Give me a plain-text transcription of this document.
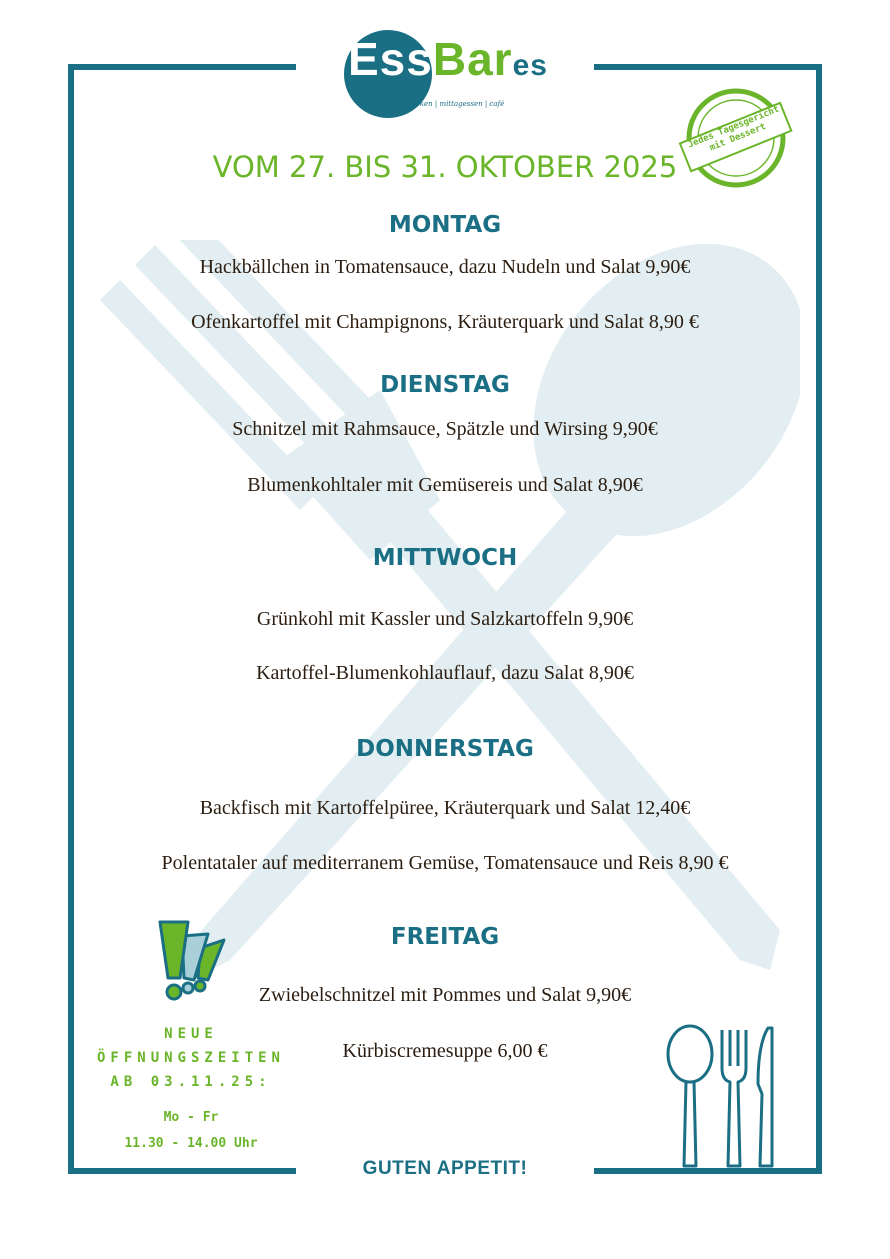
EssBares
frühstücken | mittagessen | café
Jedes Tagesgericht mit Dessert
VOM 27. BIS 31. OKTOBER 2025
MONTAG
Hackbällchen in Tomatensauce, dazu Nudeln und Salat 9,90€
Ofenkartoffel mit Champignons, Kräuterquark und Salat 8,90 €
DIENSTAG
Schnitzel mit Rahmsauce, Spätzle und Wirsing 9,90€
Blumenkohltaler mit Gemüsereis und Salat 8,90€
MITTWOCH
Grünkohl mit Kassler und Salzkartoffeln 9,90€
Kartoffel-Blumenkohlauflauf, dazu Salat 8,90€
DONNERSTAG
Backfisch mit Kartoffelpüree, Kräuterquark und Salat 12,40€
Polentataler auf mediterranem Gemüse, Tomatensauce und Reis 8,90 €
FREITAG
Zwiebelschnitzel mit Pommes und Salat 9,90€
Kürbiscremesuppe 6,00 €
NEUE
ÖFFNUNGSZEITEN
AB 03.11.25:
Mo - Fr
11.30 - 14.00 Uhr
GUTEN APPETIT!
